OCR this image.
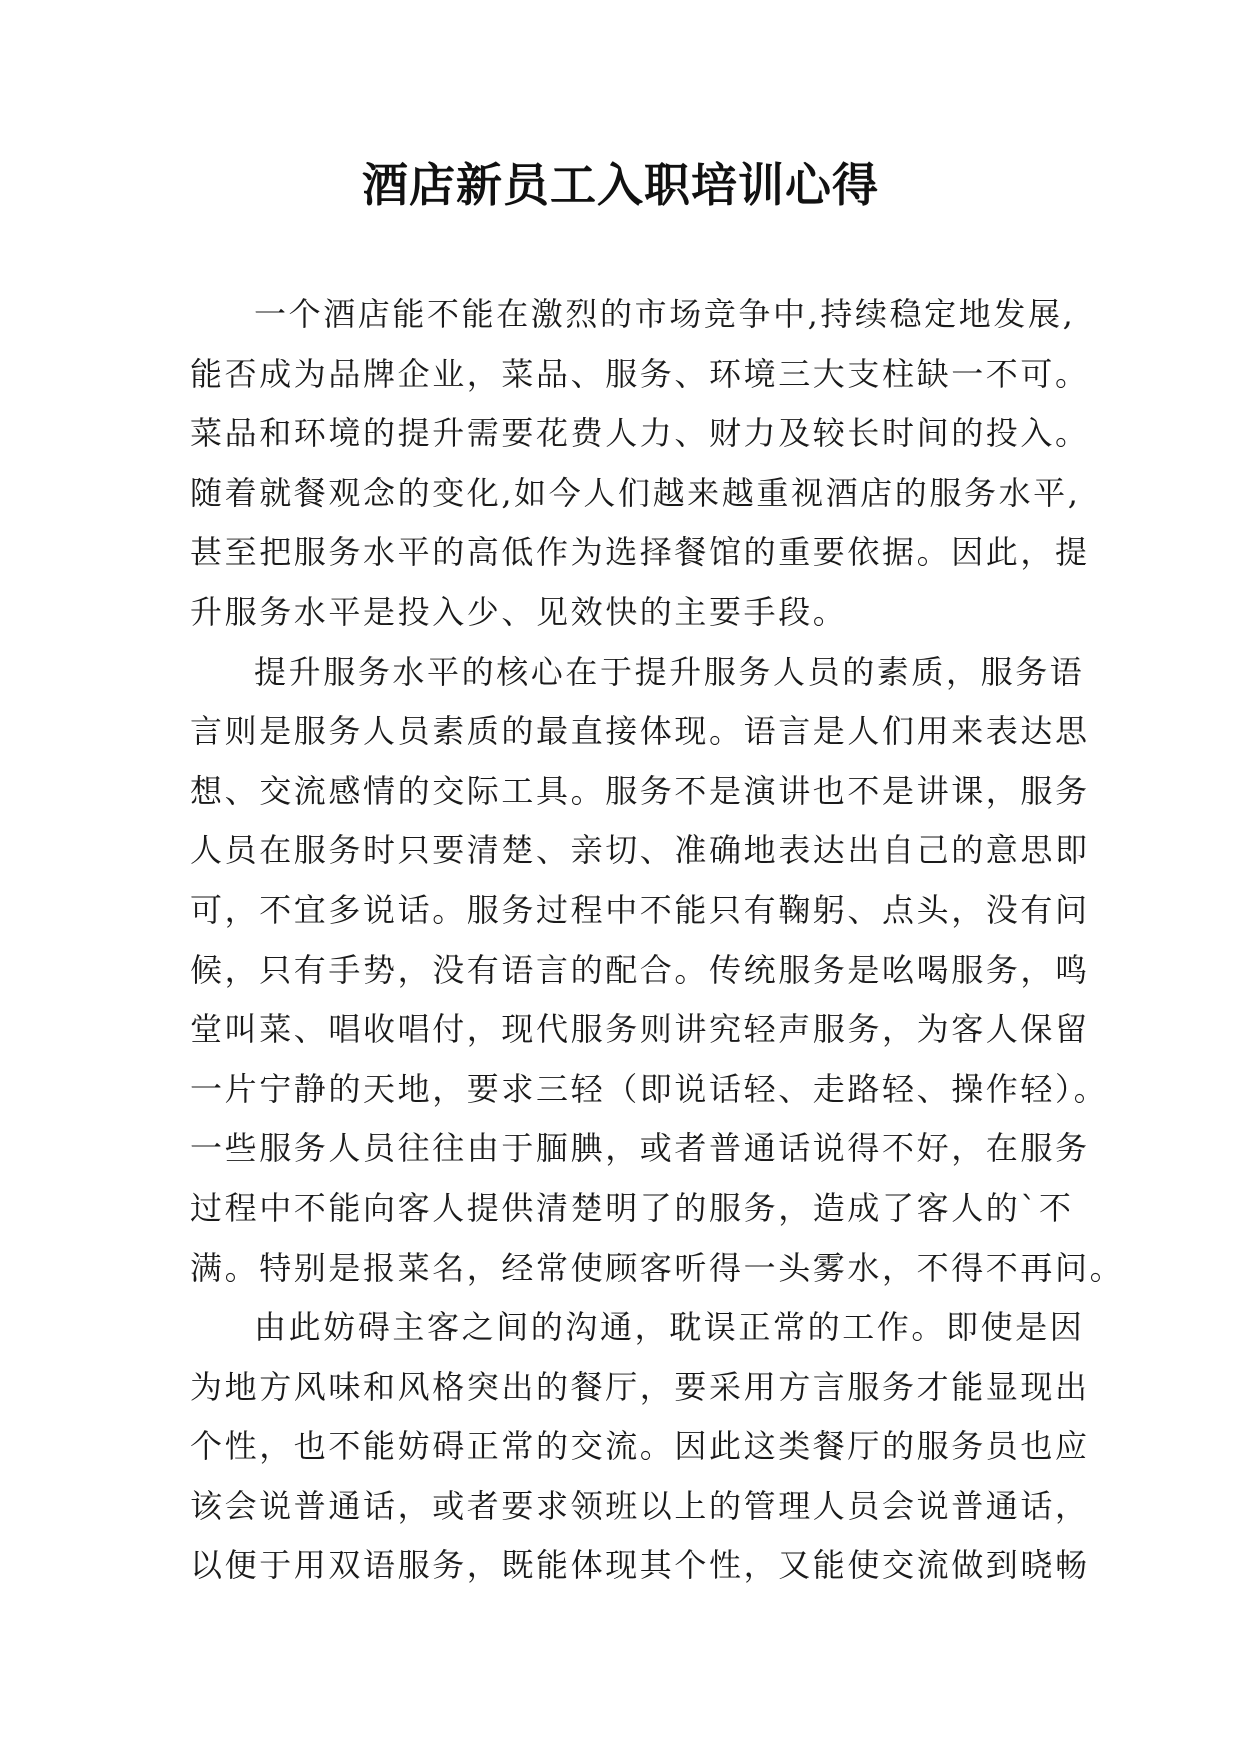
酒店新员工入职培训心得

一个酒店能不能在激烈的市场竞争中,持续稳定地发展,
能否成为品牌企业，菜品、服务、环境三大支柱缺一不可。
菜品和环境的提升需要花费人力、财力及较长时间的投入。
随着就餐观念的变化,如今人们越来越重视酒店的服务水平,
甚至把服务水平的高低作为选择餐馆的重要依据。因此，提
升服务水平是投入少、见效快的主要手段。

提升服务水平的核心在于提升服务人员的素质，服务语
言则是服务人员素质的最直接体现。语言是人们用来表达思
想、交流感情的交际工具。服务不是演讲也不是讲课，服务
人员在服务时只要清楚、亲切、准确地表达出自己的意思即
可，不宜多说话。服务过程中不能只有鞠躬、点头，没有问
候，只有手势，没有语言的配合。传统服务是吆喝服务，鸣
堂叫菜、唱收唱付，现代服务则讲究轻声服务，为客人保留
一片宁静的天地，要求三轻（即说话轻、走路轻、操作轻）。
一些服务人员往往由于腼腆，或者普通话说得不好，在服务
过程中不能向客人提供清楚明了的服务，造成了客人的`不
满。特别是报菜名，经常使顾客听得一头雾水，不得不再问。

由此妨碍主客之间的沟通，耽误正常的工作。即使是因
为地方风味和风格突出的餐厅，要采用方言服务才能显现出
个性，也不能妨碍正常的交流。因此这类餐厅的服务员也应
该会说普通话，或者要求领班以上的管理人员会说普通话，
以便于用双语服务，既能体现其个性，又能使交流做到晓畅
